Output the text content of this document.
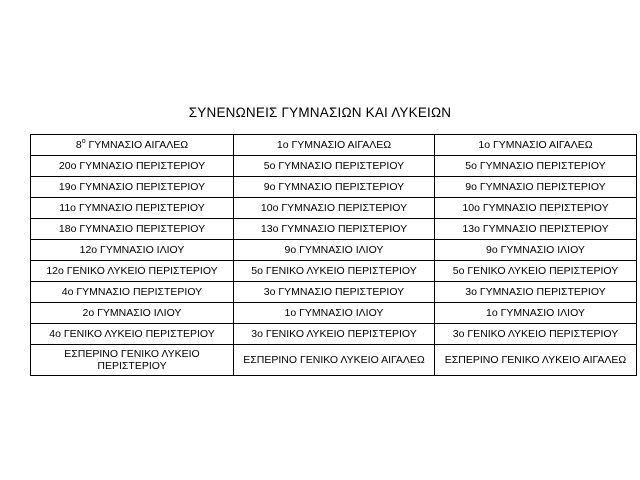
ΣΥΝΕΝΩΝΕΙΣ ΓΥΜΝΑΣΙΩΝ ΚΑΙ ΛΥΚΕΙΩΝ
$8^o$ ΓΥΜΝΑΣΙΟ ΑΙΓΑΛΕΩ	1ο ΓΥΜΝΑΣΙΟ ΑΙΓΑΛΕΩ	1ο ΓΥΜΝΑΣΙΟ ΑΙΓΑΛΕΩ
20ο ΓΥΜΝΑΣΙΟ ΠΕΡΙΣΤΕΡΙΟΥ	5ο ΓΥΜΝΑΣΙΟ ΠΕΡΙΣΤΕΡΙΟΥ	5ο ΓΥΜΝΑΣΙΟ ΠΕΡΙΣΤΕΡΙΟΥ
19ο ΓΥΜΝΑΣΙΟ ΠΕΡΙΣΤΕΡΙΟΥ	9ο ΓΥΜΝΑΣΙΟ ΠΕΡΙΣΤΕΡΙΟΥ	9ο ΓΥΜΝΑΣΙΟ ΠΕΡΙΣΤΕΡΙΟΥ
11ο ΓΥΜΝΑΣΙΟ ΠΕΡΙΣΤΕΡΙΟΥ	10ο ΓΥΜΝΑΣΙΟ ΠΕΡΙΣΤΕΡΙΟΥ	10ο ΓΥΜΝΑΣΙΟ ΠΕΡΙΣΤΕΡΙΟΥ
18ο ΓΥΜΝΑΣΙΟ ΠΕΡΙΣΤΕΡΙΟΥ	13ο ΓΥΜΝΑΣΙΟ ΠΕΡΙΣΤΕΡΙΟΥ	13ο ΓΥΜΝΑΣΙΟ ΠΕΡΙΣΤΕΡΙΟΥ
12ο ΓΥΜΝΑΣΙΟ ΙΛΙΟΥ	9ο ΓΥΜΝΑΣΙΟ ΙΛΙΟΥ	9ο ΓΥΜΝΑΣΙΟ ΙΛΙΟΥ
12ο ΓΕΝΙΚΟ ΛΥΚΕΙΟ ΠΕΡΙΣΤΕΡΙΟΥ	5ο ΓΕΝΙΚΟ ΛΥΚΕΙΟ ΠΕΡΙΣΤΕΡΙΟΥ	5ο ΓΕΝΙΚΟ ΛΥΚΕΙΟ ΠΕΡΙΣΤΕΡΙΟΥ
4ο ΓΥΜΝΑΣΙΟ ΠΕΡΙΣΤΕΡΙΟΥ	3ο ΓΥΜΝΑΣΙΟ ΠΕΡΙΣΤΕΡΙΟΥ	3ο ΓΥΜΝΑΣΙΟ ΠΕΡΙΣΤΕΡΙΟΥ
2ο ΓΥΜΝΑΣΙΟ ΙΛΙΟΥ	1ο ΓΥΜΝΑΣΙΟ ΙΛΙΟΥ	1ο ΓΥΜΝΑΣΙΟ ΙΛΙΟΥ
4ο ΓΕΝΙΚΟ ΛΥΚΕΙΟ ΠΕΡΙΣΤΕΡΙΟΥ	3ο ΓΕΝΙΚΟ ΛΥΚΕΙΟ ΠΕΡΙΣΤΕΡΙΟΥ	3ο ΓΕΝΙΚΟ ΛΥΚΕΙΟ ΠΕΡΙΣΤΕΡΙΟΥ
ΕΣΠΕΡΙΝΟ ΓΕΝΙΚΟ ΛΥΚΕΙΟ ΠΕΡΙΣΤΕΡΙΟΥ	ΕΣΠΕΡΙΝΟ ΓΕΝΙΚΟ ΛΥΚΕΙΟ ΑΙΓΑΛΕΩ	ΕΣΠΕΡΙΝΟ ΓΕΝΙΚΟ ΛΥΚΕΙΟ ΑΙΓΑΛΕΩ
